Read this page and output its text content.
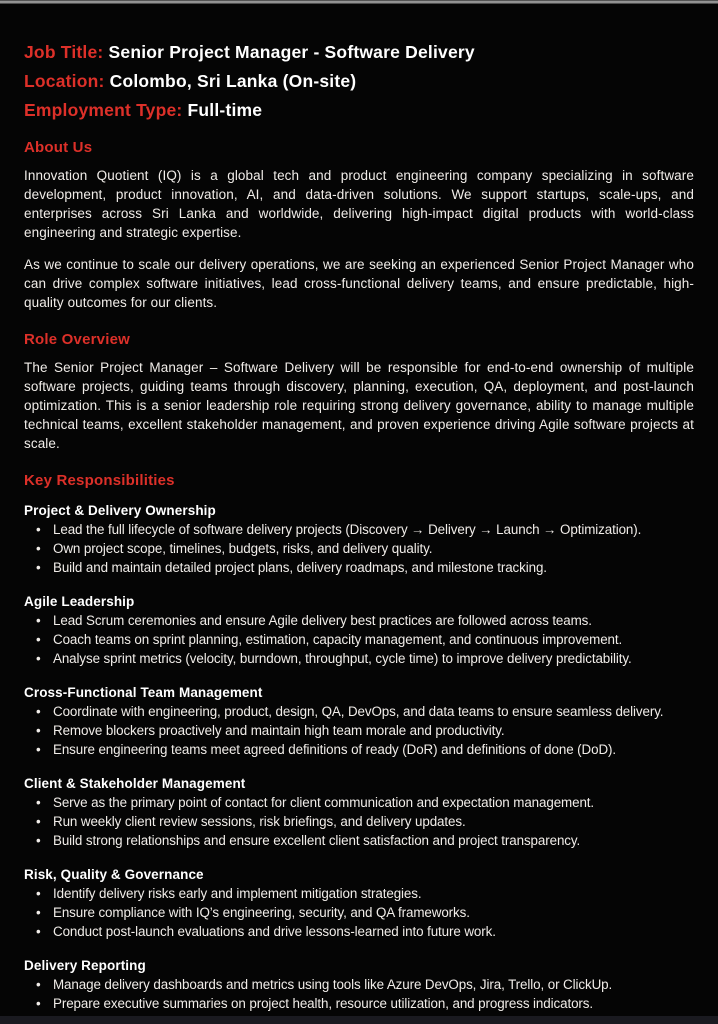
Job Title: Senior Project Manager - Software Delivery
Location: Colombo, Sri Lanka (On-site)
Employment Type: Full-time
About Us

Innovation Quotient (IQ) is a global tech and product engineering company specializing in software development, product innovation, AI, and data-driven solutions. We support startups, scale-ups, and enterprises across Sri Lanka and worldwide, delivering high-impact digital products with world-class engineering and strategic expertise.

As we continue to scale our delivery operations, we are seeking an experienced Senior Project Manager who can drive complex software initiatives, lead cross-functional delivery teams, and ensure predictable, high-quality outcomes for our clients.

Role Overview

The Senior Project Manager – Software Delivery will be responsible for end-to-end ownership of multiple software projects, guiding teams through discovery, planning, execution, QA, deployment, and post-launch optimization. This is a senior leadership role requiring strong delivery governance, ability to manage multiple technical teams, excellent stakeholder management, and proven experience driving Agile software projects at scale.

Key Responsibilities
Project & Delivery Ownership
• Lead the full lifecycle of software delivery projects (Discovery → Delivery → Launch → Optimization).
• Own project scope, timelines, budgets, risks, and delivery quality.
• Build and maintain detailed project plans, delivery roadmaps, and milestone tracking.
Agile Leadership
• Lead Scrum ceremonies and ensure Agile delivery best practices are followed across teams.
• Coach teams on sprint planning, estimation, capacity management, and continuous improvement.
• Analyse sprint metrics (velocity, burndown, throughput, cycle time) to improve delivery predictability.
Cross-Functional Team Management
• Coordinate with engineering, product, design, QA, DevOps, and data teams to ensure seamless delivery.
• Remove blockers proactively and maintain high team morale and productivity.
• Ensure engineering teams meet agreed definitions of ready (DoR) and definitions of done (DoD).
Client & Stakeholder Management
• Serve as the primary point of contact for client communication and expectation management.
• Run weekly client review sessions, risk briefings, and delivery updates.
• Build strong relationships and ensure excellent client satisfaction and project transparency.
Risk, Quality & Governance
• Identify delivery risks early and implement mitigation strategies.
• Ensure compliance with IQ’s engineering, security, and QA frameworks.
• Conduct post-launch evaluations and drive lessons-learned into future work.
Delivery Reporting
• Manage delivery dashboards and metrics using tools like Azure DevOps, Jira, Trello, or ClickUp.
• Prepare executive summaries on project health, resource utilization, and progress indicators.
